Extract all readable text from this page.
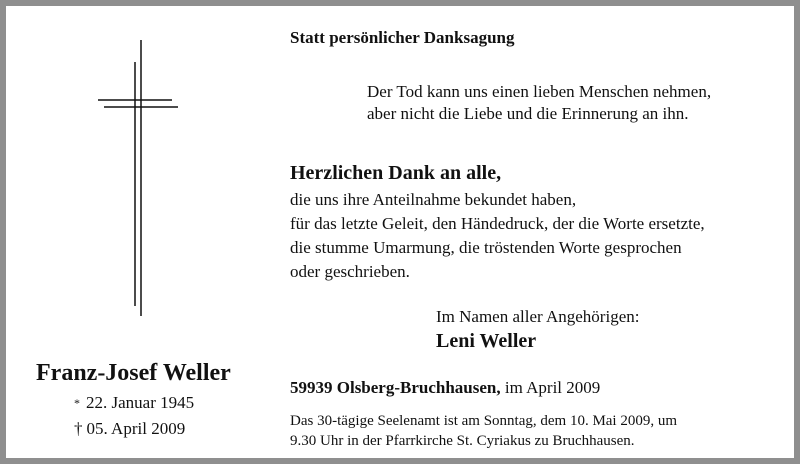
Statt persönlicher Danksagung
Der Tod kann uns einen lieben Menschen nehmen,
aber nicht die Liebe und die Erinnerung an ihn.
Herzlichen Dank an alle,
die uns ihre Anteilnahme bekundet haben,
für das letzte Geleit, den Händedruck, der die Worte ersetzte,
die stumme Umarmung, die tröstenden Worte gesprochen
oder geschrieben.
Im Namen aller Angehörigen:
Leni Weller
Franz-Josef Weller
* 22. Januar 1945
† 05. April 2009
59939 Olsberg-Bruchhausen, im April 2009
Das 30-tägige Seelenamt ist am Sonntag, dem 10. Mai 2009, um
9.30 Uhr in der Pfarrkirche St. Cyriakus zu Bruchhausen.
